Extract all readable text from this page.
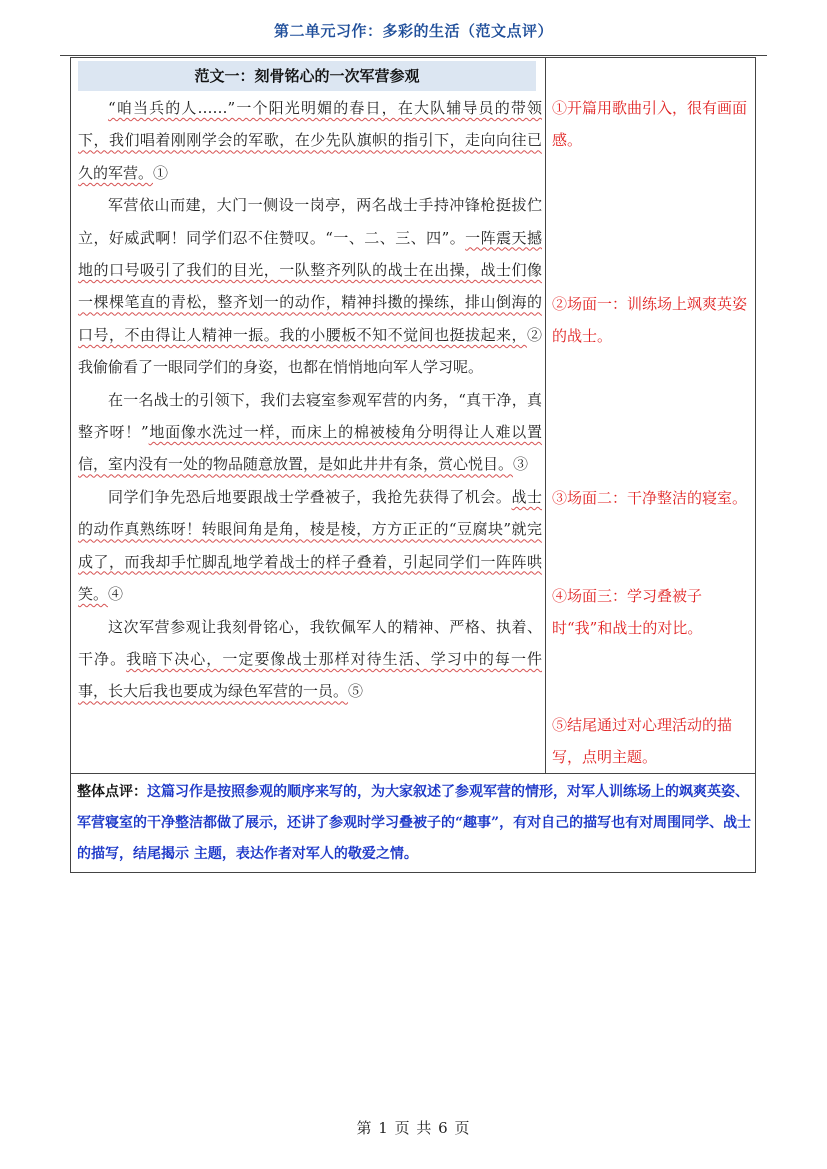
第二单元习作：多彩的生活（范文点评）
范文一：刻骨铭心的一次军营参观

“咱当兵的人……”一个阳光明媚的春日，在大队辅导员的带领下，我们唱着刚刚学会的军歌，在少先队旗帜的指引下，走向向往已久的军营。①

军营依山而建，大门一侧设一岗亭，两名战士手持冲锋枪挺拔伫立，好威武啊！同学们忍不住赞叹。“一、二、三、四”。一阵震天撼地的口号吸引了我们的目光，一队整齐列队的战士在出操，战士们像一棵棵笔直的青松，整齐划一的动作，精神抖擞的操练，排山倒海的口号，不由得让人精神一振。我的小腰板不知不觉间也挺拔起来，②我偷偷看了一眼同学们的身姿，也都在悄悄地向军人学习呢。

在一名战士的引领下，我们去寝室参观军营的内务，“真干净，真整齐呀！”地面像水洗过一样，而床上的棉被棱角分明得让人难以置信，室内没有一处的物品随意放置，是如此井井有条，赏心悦目。③

同学们争先恐后地要跟战士学叠被子，我抢先获得了机会。战士的动作真熟练呀！转眼间角是角，棱是棱，方方正正的“豆腐块”就完成了，而我却手忙脚乱地学着战士的样子叠着，引起同学们一阵阵哄笑。④

这次军营参观让我刻骨铭心，我钦佩军人的精神、严格、执着、干净。我暗下决心，一定要像战士那样对待生活、学习中的每一件事，长大后我也要成为绿色军营的一员。⑤

①开篇用歌曲引入，很有画面感。
②场面一：训练场上飒爽英姿的战士。
③场面二：干净整洁的寝室。
④场面三：学习叠被子时“我”和战士的对比。
⑤结尾通过对心理活动的描写，点明主题。
整体点评：这篇习作是按照参观的顺序来写的，为大家叙述了参观军营的情形，对军人训练场上的飒爽英姿、军营寝室的干净整洁都做了展示，还讲了参观时学习叠被子的“趣事”，有对自己的描写也有对周围同学、战士的描写，结尾揭示 主题，表达作者对军人的敬爱之情。
第 1 页 共 6 页
